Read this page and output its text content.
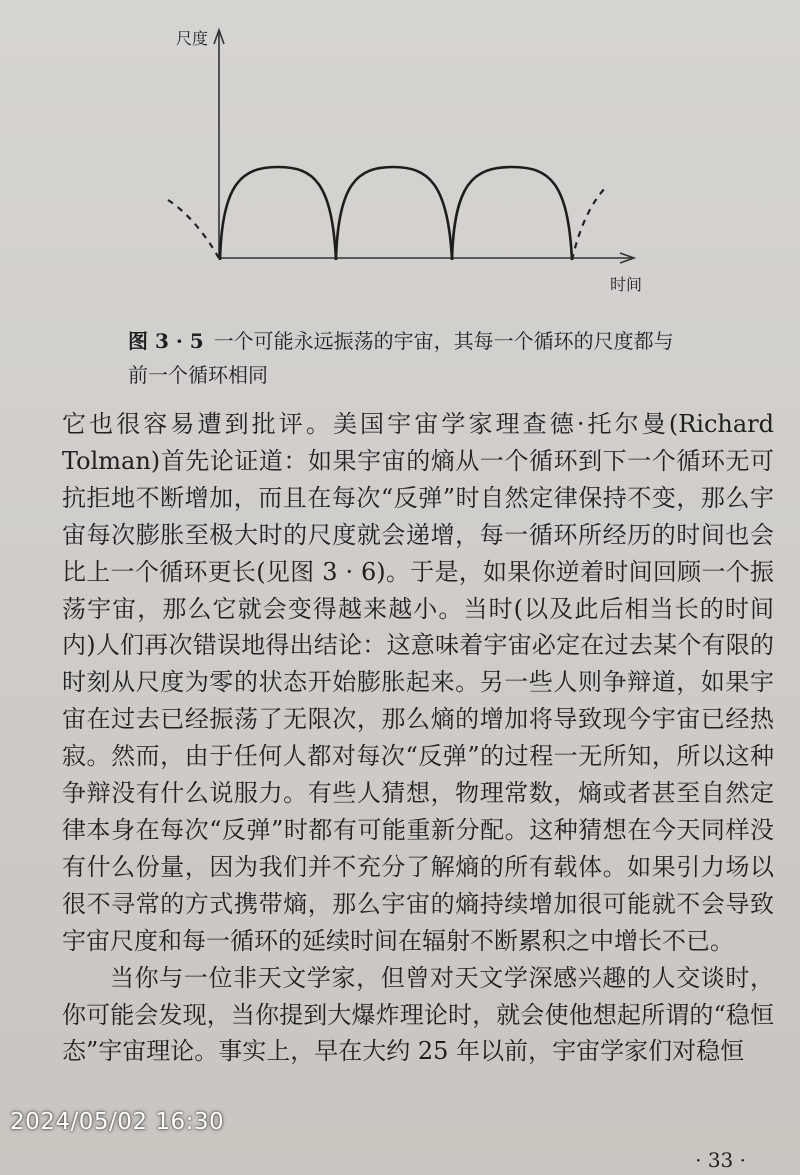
尺度
时间
图 3 · 5 一个可能永远振荡的宇宙，其每一个循环的尺度都与前一个循环相同

它也很容易遭到批评。美国宇宙学家理查德·托尔曼(Richard Tolman)首先论证道：如果宇宙的熵从一个循环到下一个循环无可抗拒地不断增加，而且在每次“反弹”时自然定律保持不变，那么宇宙每次膨胀至极大时的尺度就会递增，每一循环所经历的时间也会比上一个循环更长(见图 3 · 6)。于是，如果你逆着时间回顾一个振荡宇宙，那么它就会变得越来越小。当时(以及此后相当长的时间内)人们再次错误地得出结论：这意味着宇宙必定在过去某个有限的时刻从尺度为零的状态开始膨胀起来。另一些人则争辩道，如果宇宙在过去已经振荡了无限次，那么熵的增加将导致现今宇宙已经热寂。然而，由于任何人都对每次“反弹”的过程一无所知，所以这种争辩没有什么说服力。有些人猜想，物理常数，熵或者甚至自然定律本身在每次“反弹”时都有可能重新分配。这种猜想在今天同样没有什么份量，因为我们并不充分了解熵的所有载体。如果引力场以很不寻常的方式携带熵，那么宇宙的熵持续增加很可能就不会导致宇宙尺度和每一循环的延续时间在辐射不断累积之中增长不已。

当你与一位非天文学家，但曾对天文学深感兴趣的人交谈时，你可能会发现，当你提到大爆炸理论时，就会使他想起所谓的“稳恒态”宇宙理论。事实上，早在大约 25 年以前，宇宙学家们对稳恒

· 33 ·
2024/05/02 16:30
